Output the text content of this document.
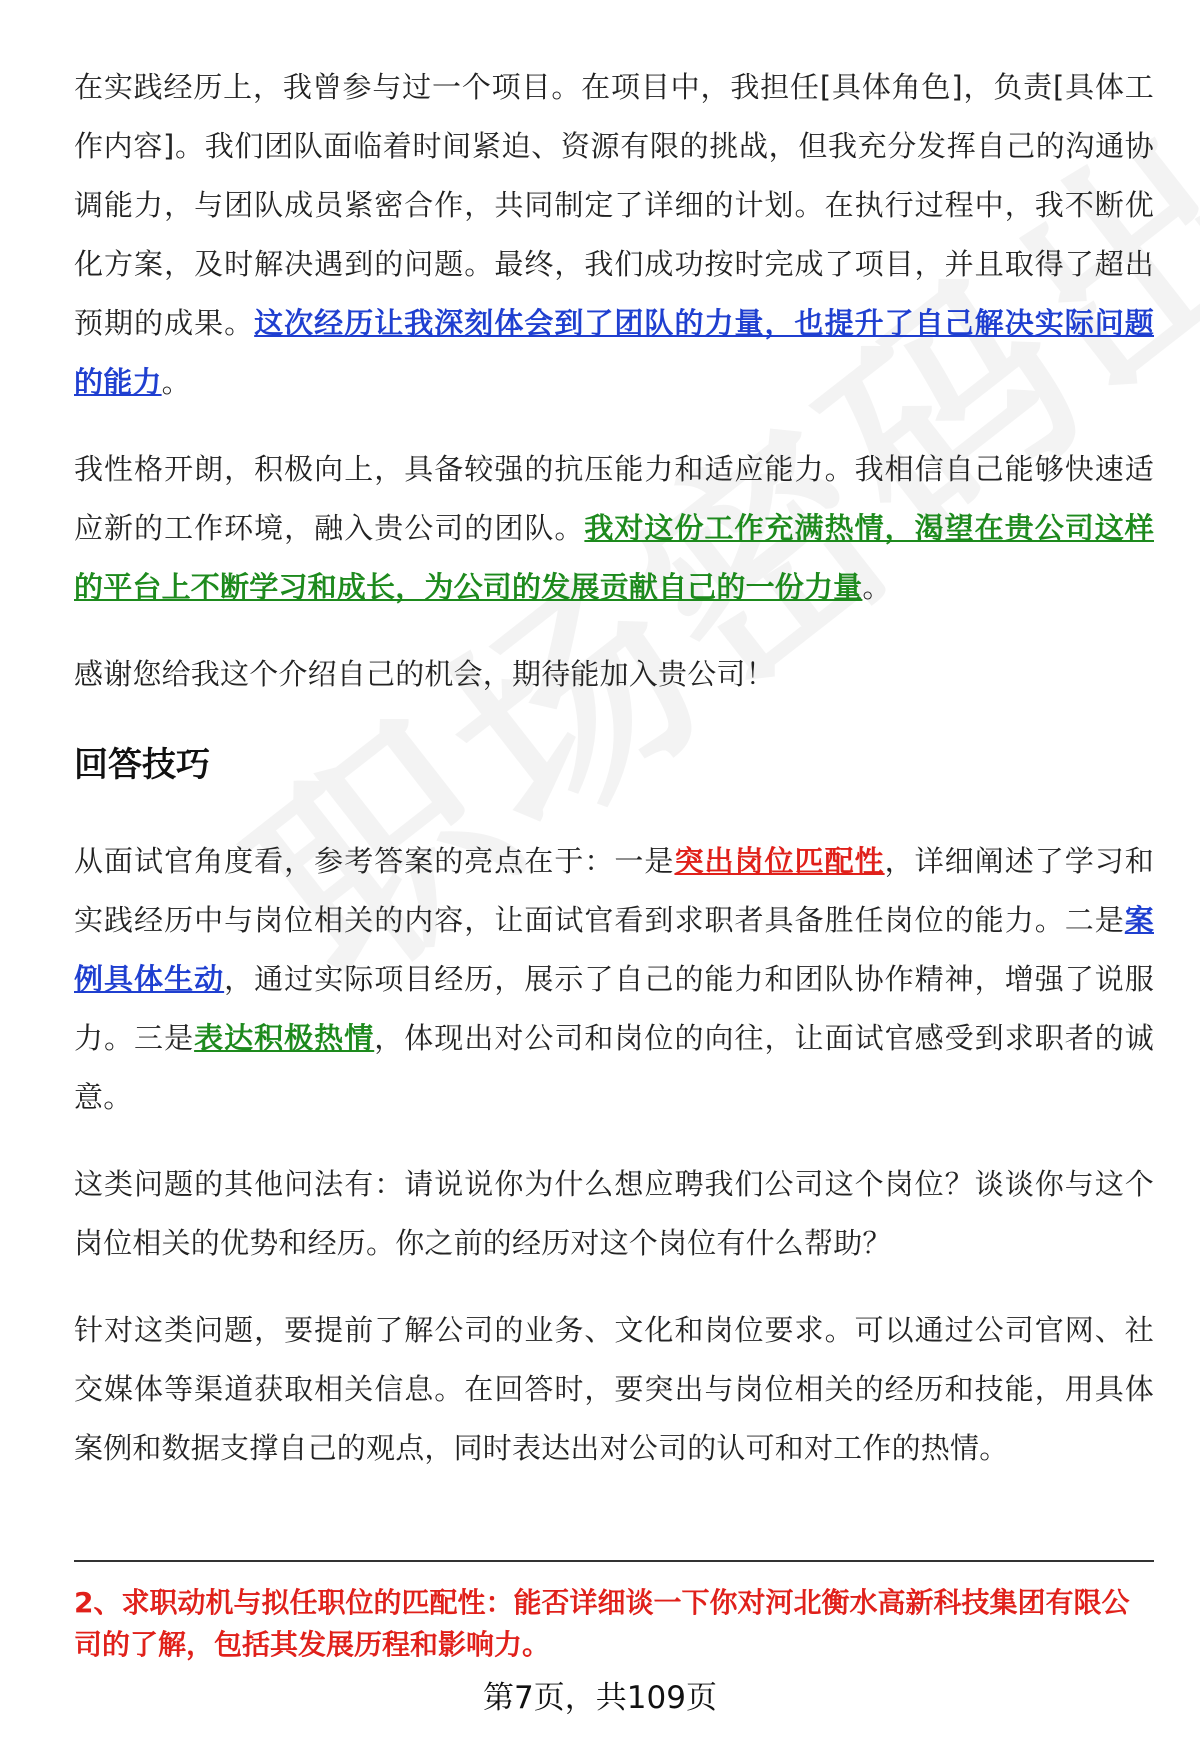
在实践经历上，我曾参与过一个项目。在项目中，我担任[具体角色]，负责[具体工作内容]。我们团队面临着时间紧迫、资源有限的挑战，但我充分发挥自己的沟通协调能力，与团队成员紧密合作，共同制定了详细的计划。在执行过程中，我不断优化方案，及时解决遇到的问题。最终，我们成功按时完成了项目，并且取得了超出预期的成果。这次经历让我深刻体会到了团队的力量，也提升了自己解决实际问题的能力。

我性格开朗，积极向上，具备较强的抗压能力和适应能力。我相信自己能够快速适应新的工作环境，融入贵公司的团队。我对这份工作充满热情，渴望在贵公司这样的平台上不断学习和成长，为公司的发展贡献自己的一份力量。

感谢您给我这个介绍自己的机会，期待能加入贵公司！

回答技巧

从面试官角度看，参考答案的亮点在于：一是突出岗位匹配性，详细阐述了学习和实践经历中与岗位相关的内容，让面试官看到求职者具备胜任岗位的能力。二是案例具体生动，通过实际项目经历，展示了自己的能力和团队协作精神，增强了说服力。三是表达积极热情，体现出对公司和岗位的向往，让面试官感受到求职者的诚意。

这类问题的其他问法有：请说说你为什么想应聘我们公司这个岗位？谈谈你与这个岗位相关的优势和经历。你之前的经历对这个岗位有什么帮助？

针对这类问题，要提前了解公司的业务、文化和岗位要求。可以通过公司官网、社交媒体等渠道获取相关信息。在回答时，要突出与岗位相关的经历和技能，用具体案例和数据支撑自己的观点，同时表达出对公司的认可和对工作的热情。

2、求职动机与拟任职位的匹配性：能否详细谈一下你对河北衡水高新科技集团有限公司的了解，包括其发展历程和影响力。
第7页，共109页
